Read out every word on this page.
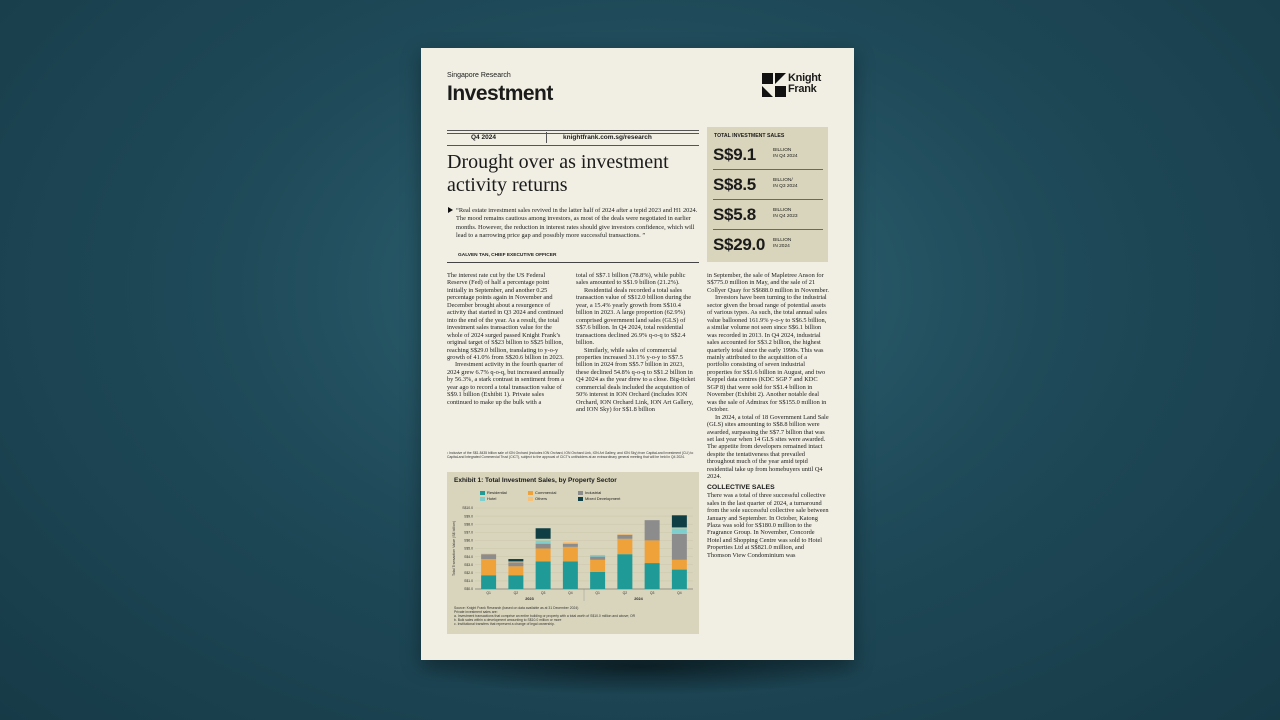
Singapore Research
Investment
Knight
Frank
Q4 2024	knightfrank.com.sg/research
Drought over as investment activity returns
“Real estate investment sales revived in the latter half of 2024 after a tepid 2023 and H1 2024. The mood remains cautious among investors, as most of the deals were negotiated in earlier months. However, the reduction in interest rates should give investors confidence, which will lead to a narrowing price gap and possibly more successful transactions. ”
GALVEN TAN, CHIEF EXECUTIVE OFFICER
TOTAL INVESTMENT SALES
S$9.1	BILLION
IN Q4 2024
S$8.5	BILLION/
IN Q3 2024
S$5.8	BILLION
IN Q4 2023
S$29.0 BILLION
IN 2024

The interest rate cut by the US Federal Reserve (Fed) of half a percentage point initially in September, and another 0.25 percentage points again in November and December brought about a resurgence of activity that started in Q3 2024 and continued into the end of the year. As a result, the total investment sales transaction value for the whole of 2024 surged passed Knight Frank’s original target of S$23 billion to S$25 billion, reaching S$29.0 billion, translating to y-o-y growth of 41.0% from S$20.6 billion in 2023.

Investment activity in the fourth quarter of 2024 grew 6.7% q-o-q, but increased annually by 56.3%, a stark contrast in sentiment from a year ago to record a total transaction value of S$9.1 billion (Exhibit 1). Private sales continued to make up the bulk with a

total of S$7.1 billion (78.8%), while public sales amounted to S$1.9 billion (21.2%).

Residential deals recorded a total sales transaction value of S$12.0 billion during the year, a 15.4% yearly growth from S$10.4 billion in 2023. A large proportion (62.9%) comprised government land sales (GLS) of S$7.6 billion. In Q4 2024, total residential transactions declined 26.9% q-o-q to S$2.4 billion.

Similarly, while sales of commercial properties increased 31.1% y-o-y to S$7.5 billion in 2024 from S$5.7 billion in 2023, these declined 54.8% q-o-q to S$1.2 billion in Q4 2024 as the year drew to a close. Big-ticket commercial deals included the acquisition of 50% interest in ION Orchard (includes ION Orchard, ION Orchard Link, ION Art Gallery, and ION Sky) for S$1.8 billion

in September, the sale of Mapletree Anson for S$775.0 million in May, and the sale of 21 Collyer Quay for S$688.0 million in November.

Investors have been turning to the industrial sector given the broad range of potential assets of various types. As such, the total annual sales value ballooned 161.9% y-o-y to S$6.5 billion, a similar volume not seen since S$6.1 billion was recorded in 2013. In Q4 2024, industrial sales accounted for S$3.2 billion, the highest quarterly total since the early 1990s. This was mainly attributed to the acquisition of a portfolio consisting of seven industrial properties for S$1.6 billion in August, and two Keppel data centres (KDC SGP 7 and KDC SGP 8) that were sold for S$1.4 billion in November (Exhibit 2). Another notable deal was the sale of Admirax for S$155.0 million in October.

In 2024, a total of 18 Government Land Sale (GLS) sites amounting to S$8.8 billion were awarded, surpassing the S$7.7 billion that was set last year when 14 GLS sites were awarded. The appetite from developers remained intact despite the tentativeness that prevailed throughout much of the year amid tepid residential take up from homebuyers until Q4 2024.

COLLECTIVE SALES

There was a total of three successful collective sales in the last quarter of 2024, a turnaround from the sole successful collective sale between January and September. In October, Katong Plaza was sold for S$180.0 million to the Fragrance Group. In November, Concorde Hotel and Shopping Centre was sold to Hotel Properties Ltd at S$821.0 million, and Thomson View Condominium was

¹ Inclusive of the S$1.8435 billion sale of ION Orchard (includes ION Orchard, ION Orchard Link, ION Art Gallery, and ION Sky) from CapitaLand Investment (CLI) to CapitaLand Integrated Commercial Trust (CICT), subject to the approval of CICT’s unitholders at an extraordinary general meeting that will be held in Q4 2024.
Exhibit 1: Total Investment Sales, by Property Sector
Residential	Commercial	Industrial
Hotel	Others	Mixed Development
Total Transaction Value (S$ billion)
S$0.0
S$1.0
S$2.0
S$3.0
S$4.0
S$5.0
S$6.0
S$7.0
S$8.0
S$9.0
S$10.0
Q1	Q2	Q3	Q4	Q1	Q2	Q3	Q4
2023	2024
Source: Knight Frank Research (based on data available as at 31 December 2024)
Private investment sales are:
a. Investment transactions that comprise an entire building or property with a total worth of S$10.0 million and above; OR
b. Bulk sales within a development amounting to S$10.0 million or more
c. Institutional transfers that represent a change of legal ownership.
